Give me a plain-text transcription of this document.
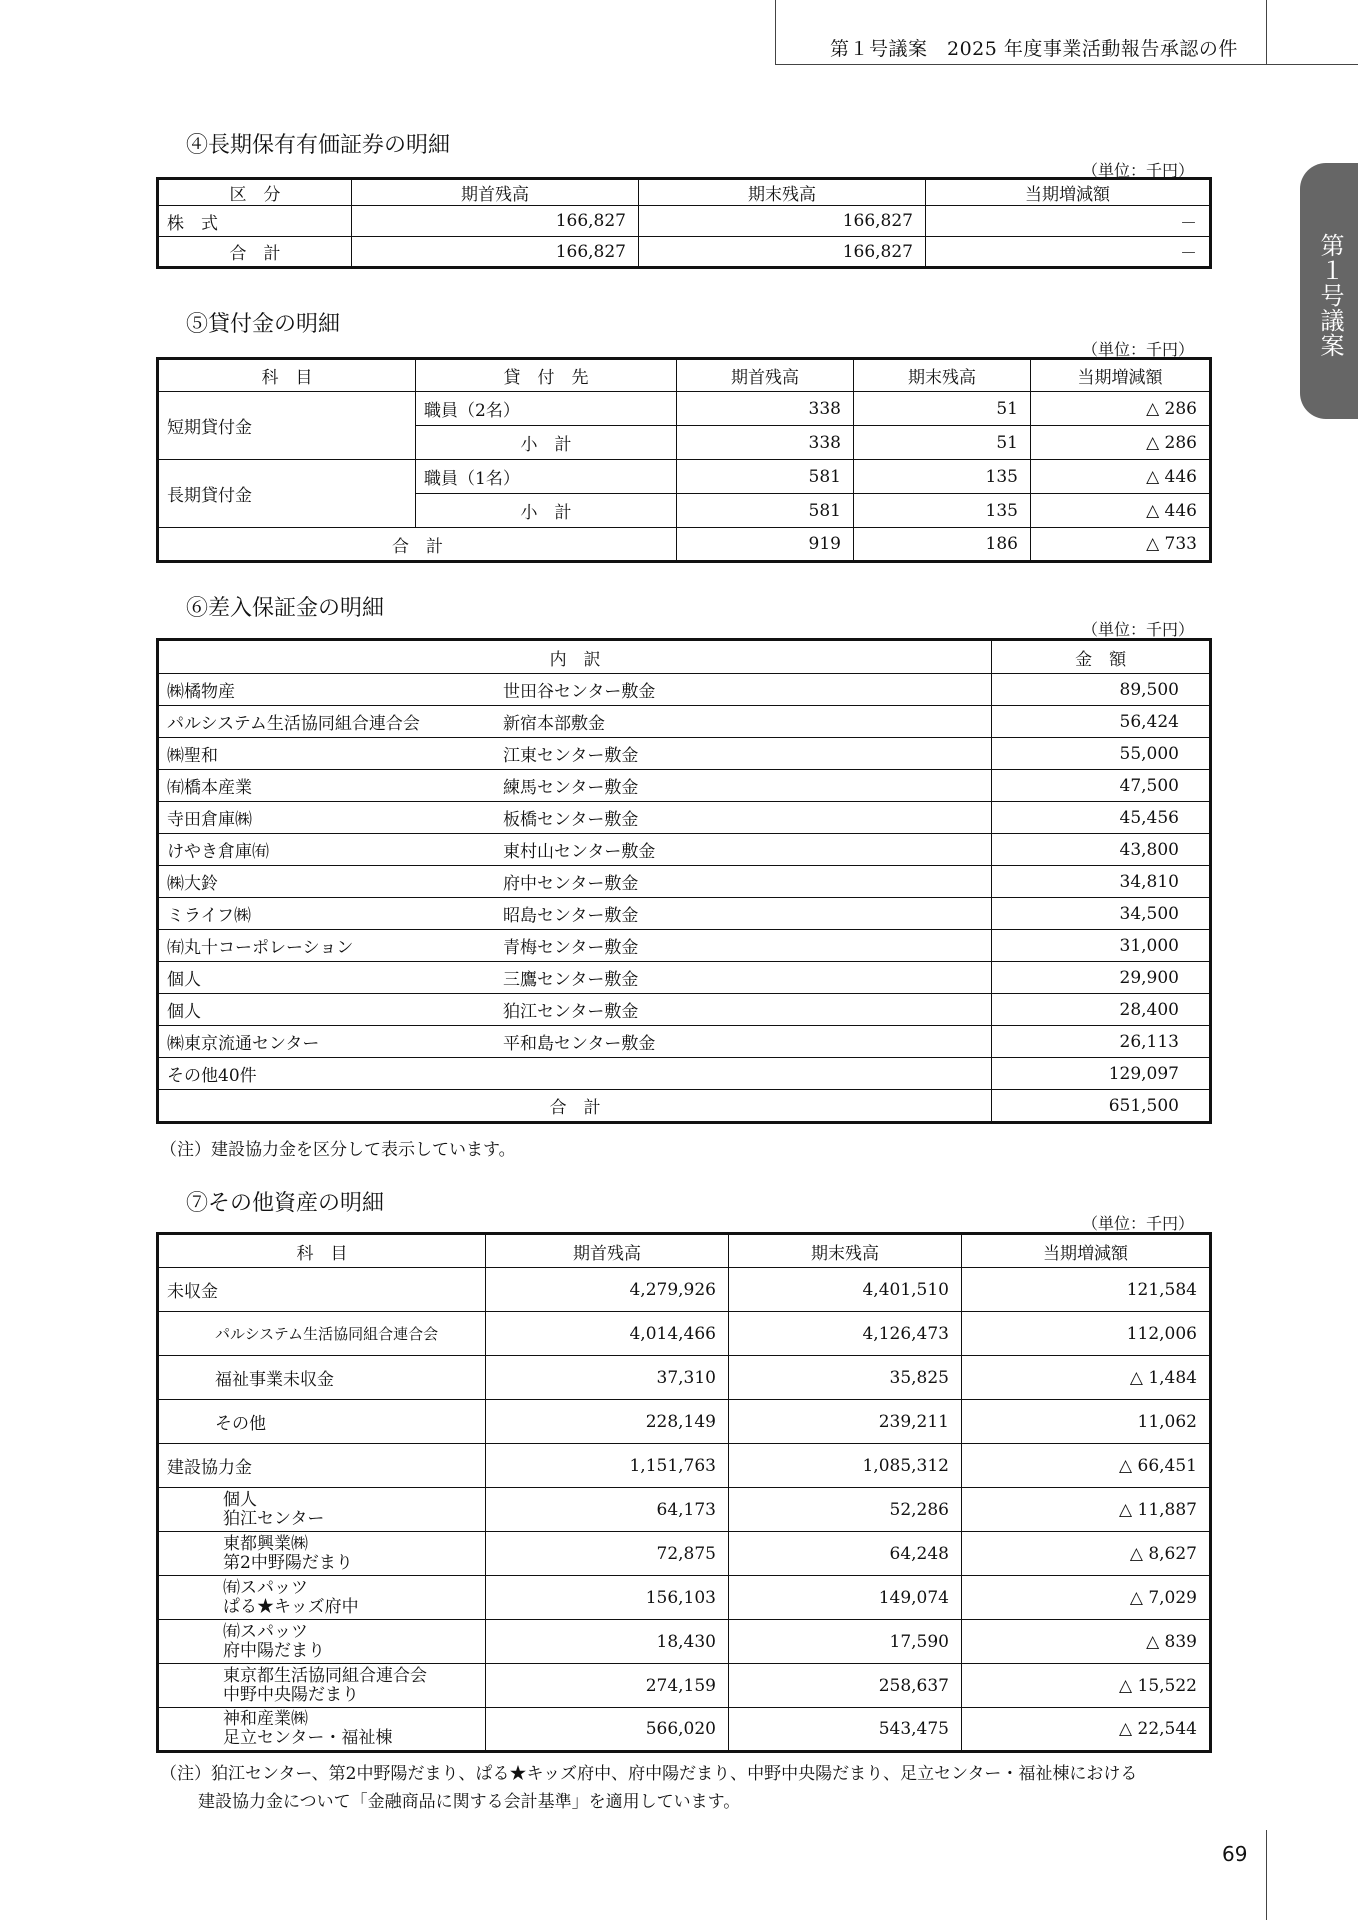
第１号議案　2025 年度事業活動報告承認の件
第１号議案
④長期保有有価証券の明細
（単位：千円）
区　分	期首残高	期末残高	当期増減額
株　式	166,827	166,827	－
合　計	166,827	166,827	－
⑤貸付金の明細
（単位：千円）
科　目	貸　付　先	期首残高	期末残高	当期増減額
短期貸付金	職員（2名）	338	51	△ 286
	小　計	338	51	△ 286
長期貸付金	職員（1名）	581	135	△ 446
	小　計	581	135	△ 446
合　計		919	186	△ 733
⑥差入保証金の明細
（単位：千円）
内　訳		金　額
㈱橘物産	世田谷センター敷金	89,500
パルシステム生活協同組合連合会	新宿本部敷金	56,424
㈱聖和	江東センター敷金	55,000
㈲橋本産業	練馬センター敷金	47,500
寺田倉庫㈱	板橋センター敷金	45,456
けやき倉庫㈲	東村山センター敷金	43,800
㈱大鈴	府中センター敷金	34,810
ミライフ㈱	昭島センター敷金	34,500
㈲丸十コーポレーション	青梅センター敷金	31,000
個人	三鷹センター敷金	29,900
個人	狛江センター敷金	28,400
㈱東京流通センター	平和島センター敷金	26,113
その他40件		129,097
合　計		651,500
（注）建設協力金を区分して表示しています。
⑦その他資産の明細
（単位：千円）
科　目	期首残高	期末残高	当期増減額
未収金	4,279,926	4,401,510	121,584
パルシステム生活協同組合連合会	4,014,466	4,126,473	112,006
福祉事業未収金	37,310	35,825	△ 1,484
その他	228,149	239,211	11,062
建設協力金	1,151,763	1,085,312	△ 66,451

個人
狛江センター	64,173	52,286	△ 11,887

東都興業㈱
第2中野陽だまり	72,875	64,248	△ 8,627

㈲スパッツ
ぱる★キッズ府中	156,103	149,074	△ 7,029

㈲スパッツ
府中陽だまり	18,430	17,590	△ 839

東京都生活協同組合連合会
中野中央陽だまり	274,159	258,637	△ 15,522

神和産業㈱
足立センター・福祉棟	566,020	543,475	△ 22,544
（注）狛江センター、第2中野陽だまり、ぱる★キッズ府中、府中陽だまり、中野中央陽だまり、足立センター・福祉棟における
建設協力金について「金融商品に関する会計基準」を適用しています。
69
